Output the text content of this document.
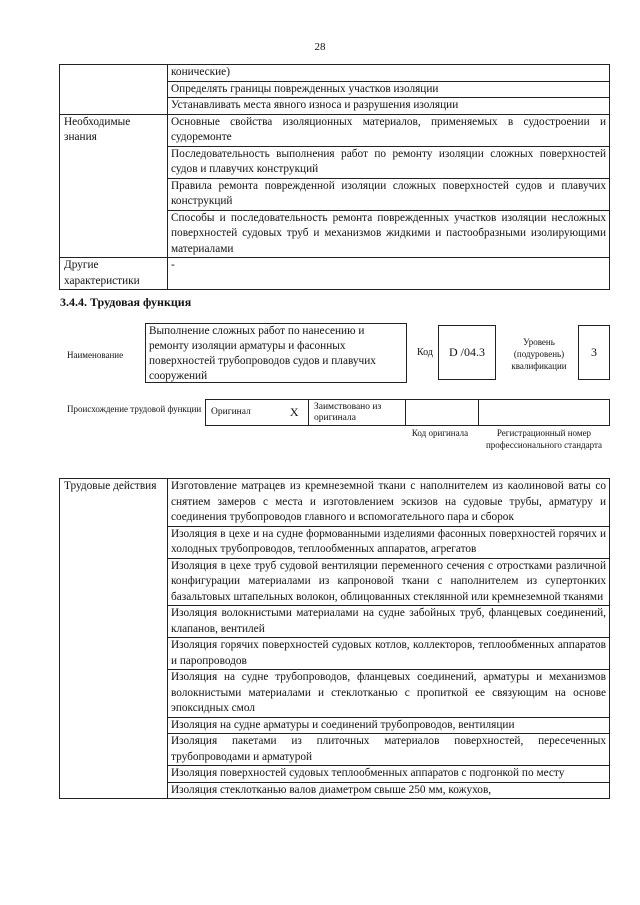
28
	конические)
	Определять границы поврежденных участков изоляции
	Устанавливать места явного износа и разрушения изоляции
Необходимые знания	Основные свойства изоляционных материалов, применяемых в судостроении и судоремонте
	Последовательность выполнения работ по ремонту изоляции сложных поверхностей судов и плавучих конструкций
	Правила ремонта поврежденной изоляции сложных поверхностей судов и плавучих конструкций
	Способы и последовательность ремонта поврежденных участков изоляции несложных поверхностей судовых труб и механизмов жидкими и пастообразными изолирующими материалами
Другие характеристики	-
3.4.4. Трудовая функция
Наименование
Выполнение сложных работ по нанесению и ремонту изоляции арматуры и фасонных поверхностей трубопроводов судов и плавучих сооружений
Код	D /04.3
Уровень (подуровень) квалификации
3
Происхождение трудовой функции Оригинал	X	Заимствовано из оригинала		
Код оригинала	Регистрационный номер профессионального стандарта
Трудовые действия	Изготовление матрацев из кремнеземной ткани с наполнителем из каолиновой ваты со снятием замеров с места и изготовлением эскизов на судовые трубы, арматуру и соединения трубопроводов главного и вспомогательного пара и сборок
Изоляция в цехе и на судне формованными изделиями фасонных поверхностей горячих и холодных трубопроводов, теплообменных аппаратов, агрегатов
Изоляция в цехе труб судовой вентиляции переменного сечения с отростками различной конфигурации материалами из капроновой ткани с наполнителем из супертонких базальтовых штапельных волокон, облицованных стеклянной или кремнеземной тканями
Изоляция волокнистыми материалами на судне забойных труб, фланцевых соединений, клапанов, вентилей
Изоляция горячих поверхностей судовых котлов, коллекторов, теплообменных аппаратов и паропроводов
Изоляция на судне трубопроводов, фланцевых соединений, арматуры и механизмов волокнистыми материалами и стеклотканью с пропиткой ее связующим на основе эпоксидных смол
Изоляция на судне арматуры и соединений трубопроводов, вентиляции
Изоляция пакетами из плиточных материалов поверхностей, пересеченных трубопроводами и арматурой
Изоляция поверхностей судовых теплообменных аппаратов с подгонкой по месту
Изоляция стеклотканью валов диаметром свыше 250 мм, кожухов,
